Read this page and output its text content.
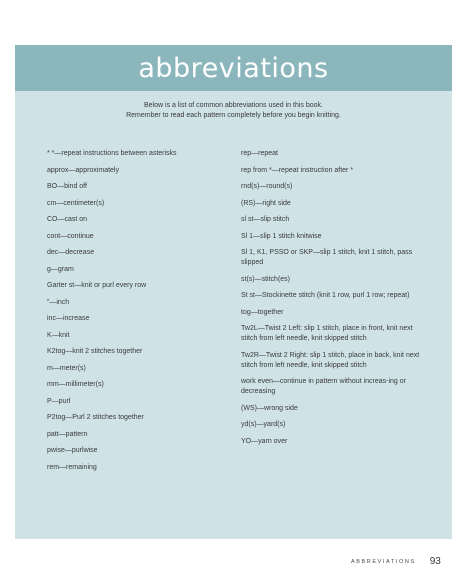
abbreviations
Below is a list of common abbreviations used in this book.
Remember to read each pattern completely before you begin knitting.
* *—repeat instructions between asterisks
approx—approximately
BO—bind off
cm—centimeter(s)
CO—cast on
cont—continue
dec—decrease
g—gram
Garter st—knit or purl every row
”—inch
inc—increase
K—knit
K2tog—knit 2 stitches together
m—meter(s)
mm—millimeter(s)
P—purl
P2tog—Purl 2 stitches together
patt—pattern
pwise—purlwise
rem—remaining
rep—repeat
rep from *—repeat instruction after *
rnd(s)—round(s)
(RS)—right side
sl st—slip stitch
Sl 1—slip 1 stitch knitwise
Sl 1, K1, PSSO or SKP—slip 1 stitch, knit 1 stitch, pass slipped
st(s)—stitch(es)
St st—Stockinette stitch (knit 1 row, purl 1 row; repeat)
tog—together
Tw2L—Twist 2 Left: slip 1 stitch, place in front, knit next stitch from left needle, knit skipped stitch
Tw2R—Twist 2 Right: slip 1 stitch, place in back, knit next stitch from left needle, knit skipped stitch
work even—continue in pattern without increas-ing or decreasing
(WS)—wrong side
yd(s)—yard(s)
YO—yarn over
ABBREVIATIONS 93
